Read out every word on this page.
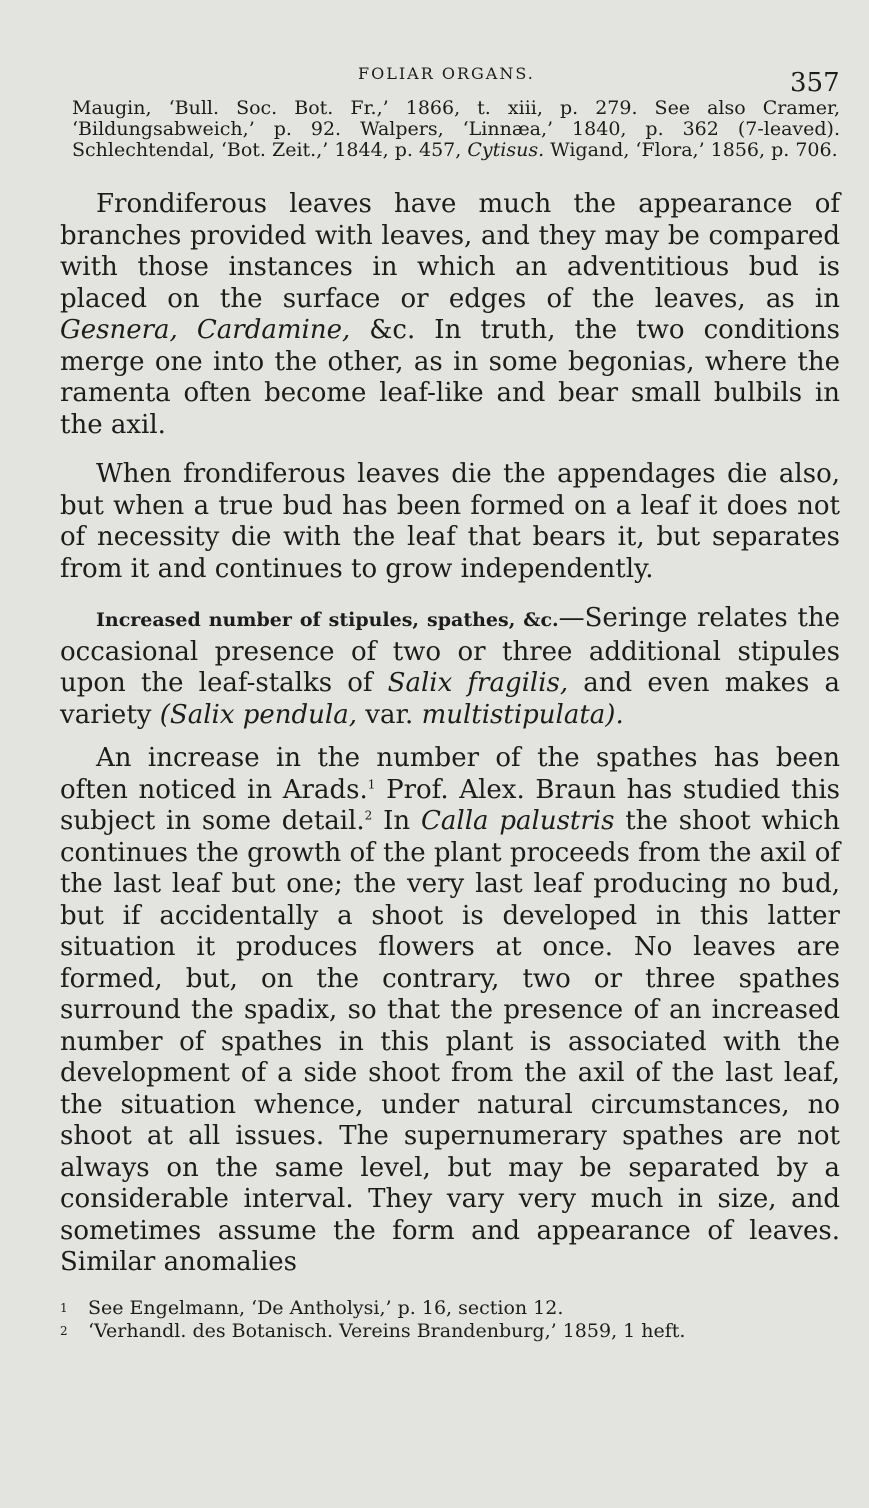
FOLIAR ORGANS.	357

Maugin, ‘Bull. Soc. Bot. Fr.,’ 1866, t. xiii, p. 279. See also Cramer, ‘Bildungsabweich,’ p. 92. Walpers, ‘Linnæa,’ 1840, p. 362 (7-leaved). Schlechtendal, ‘Bot. Zeit.,’ 1844, p. 457, Cytisus. Wigand, ‘Flora,’ 1856, p. 706.

Frondiferous leaves have much the appearance of branches provided with leaves, and they may be compared with those instances in which an adventitious bud is placed on the surface or edges of the leaves, as in Gesnera, Cardamine, &c. In truth, the two conditions merge one into the other, as in some begonias, where the ramenta often become leaf-like and bear small bulbils in the axil.

When frondiferous leaves die the appendages die also, but when a true bud has been formed on a leaf it does not of necessity die with the leaf that bears it, but separates from it and continues to grow independently.

Increased number of stipules, spathes, &c.—Seringe relates the occasional presence of two or three additional stipules upon the leaf-stalks of Salix fragilis, and even makes a variety (Salix pendula, var. multistipulata).

An increase in the number of the spathes has been often noticed in Arads.$^1$ Prof. Alex. Braun has studied this subject in some detail.$^2$ In Calla palustris the shoot which continues the growth of the plant proceeds from the axil of the last leaf but one; the very last leaf producing no bud, but if accidentally a shoot is developed in this latter situation it produces flowers at once. No leaves are formed, but, on the contrary, two or three spathes surround the spadix, so that the presence of an increased number of spathes in this plant is associated with the development of a side shoot from the axil of the last leaf, the situation whence, under natural circumstances, no shoot at all issues. The supernumerary spathes are not always on the same level, but may be separated by a considerable interval. They vary very much in size, and sometimes assume the form and appearance of leaves. Similar anomalies

1	See Engelmann, ‘De Antholysi,’ p. 16, section 12.
2	‘Verhandl. des Botanisch. Vereins Brandenburg,’ 1859, 1 heft.
